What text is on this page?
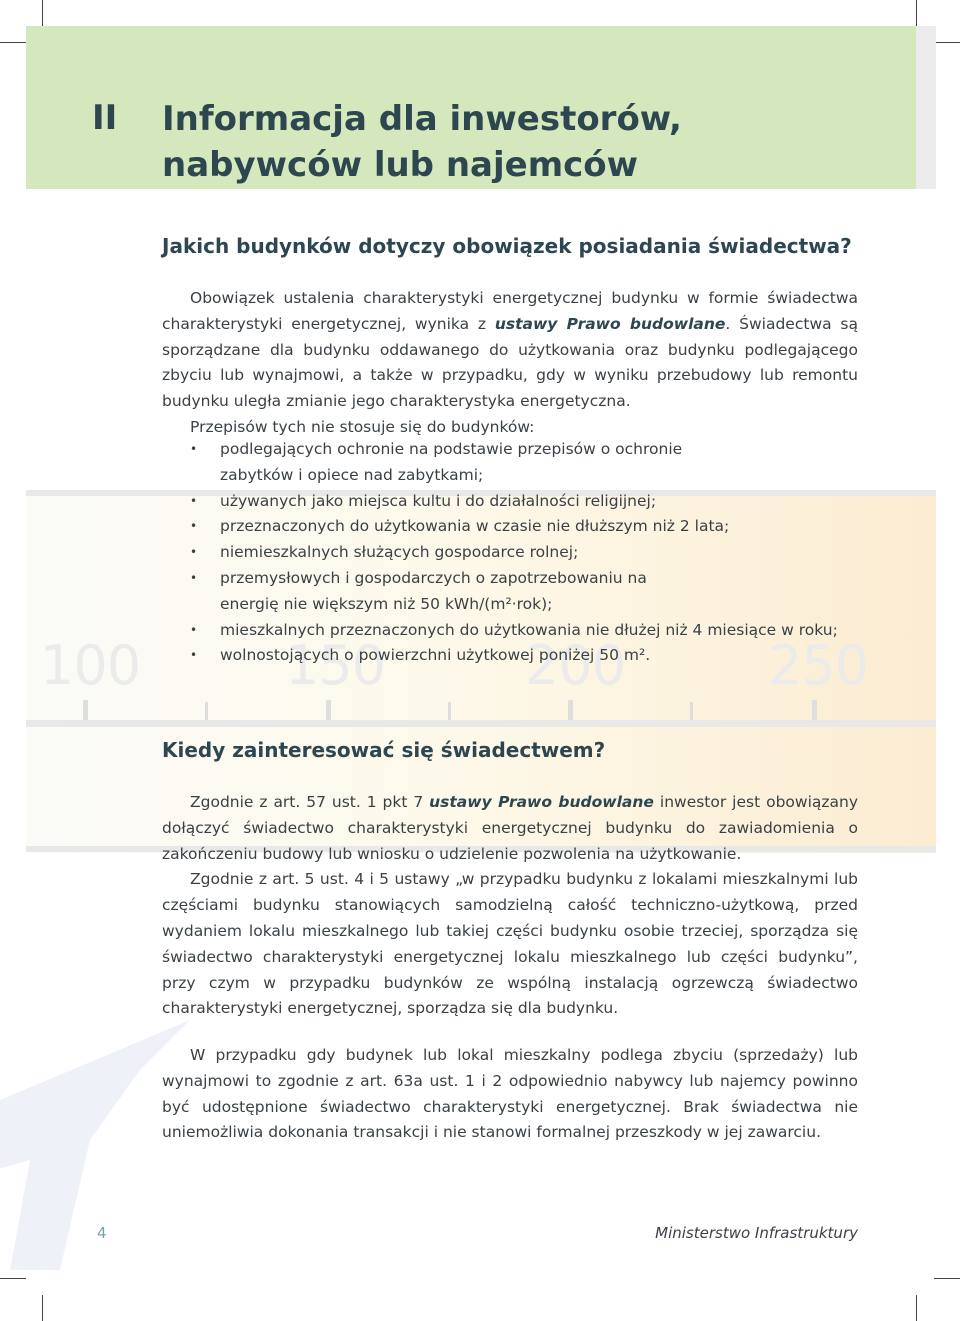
100	150	200	250
II Informacja dla inwestorów,
nabywców lub najemców
Jakich budynków dotyczy obowiązek posiadania świadectwa?

Obowiązek ustalenia charakterystyki energetycznej budynku w formie świadectwa charakterystyki energetycznej, wynika z ustawy Prawo budowlane. Świadectwa są sporządzane dla budynku oddawanego do użytkowania oraz budynku podlegającego zbyciu lub wynajmowi, a także w przypadku, gdy w wyniku przebudowy lub remontu budynku uległa zmianie jego charakterystyka energetyczna.

Przepisów tych nie stosuje się do budynków:

• podlegających ochronie na podstawie przepisów o ochronie zabytków i opiece nad zabytkami;
• używanych jako miejsca kultu i do działalności religijnej;
• przeznaczonych do użytkowania w czasie nie dłuższym niż 2 lata;
• niemieszkalnych służących gospodarce rolnej;
• przemysłowych i gospodarczych o zapotrzebowaniu na energię nie większym niż 50 kWh/(m²·rok);
• mieszkalnych przeznaczonych do użytkowania nie dłużej niż 4 miesiące w roku;
• wolnostojących o powierzchni użytkowej poniżej 50 m².
Kiedy zainteresować się świadectwem?

Zgodnie z art. 57 ust. 1 pkt 7 ustawy Prawo budowlane inwestor jest obowiązany dołączyć świadectwo charakterystyki energetycznej budynku do zawiadomienia o zakończeniu budowy lub wniosku o udzielenie pozwolenia na użytkowanie.

Zgodnie z art. 5 ust. 4 i 5 ustawy „w przypadku budynku z lokalami mieszkalnymi lub częściami budynku stanowiących samodzielną całość techniczno-użytkową, przed wydaniem lokalu mieszkalnego lub takiej części budynku osobie trzeciej, sporządza się świadectwo charakterystyki energetycznej lokalu mieszkalnego lub części budynku”, przy czym w przypadku budynków ze wspólną instalacją ogrzewczą świadectwo charakterystyki energetycznej, sporządza się dla budynku.

W przypadku gdy budynek lub lokal mieszkalny podlega zbyciu (sprzedaży) lub wynajmowi to zgodnie z art. 63a ust. 1 i 2 odpowiednio nabywcy lub najemcy powinno być udostępnione świadectwo charakterystyki energetycznej. Brak świadectwa nie uniemożliwia dokonania transakcji i nie stanowi formalnej przeszkody w jej zawarciu.

4	Ministerstwo Infrastruktury
